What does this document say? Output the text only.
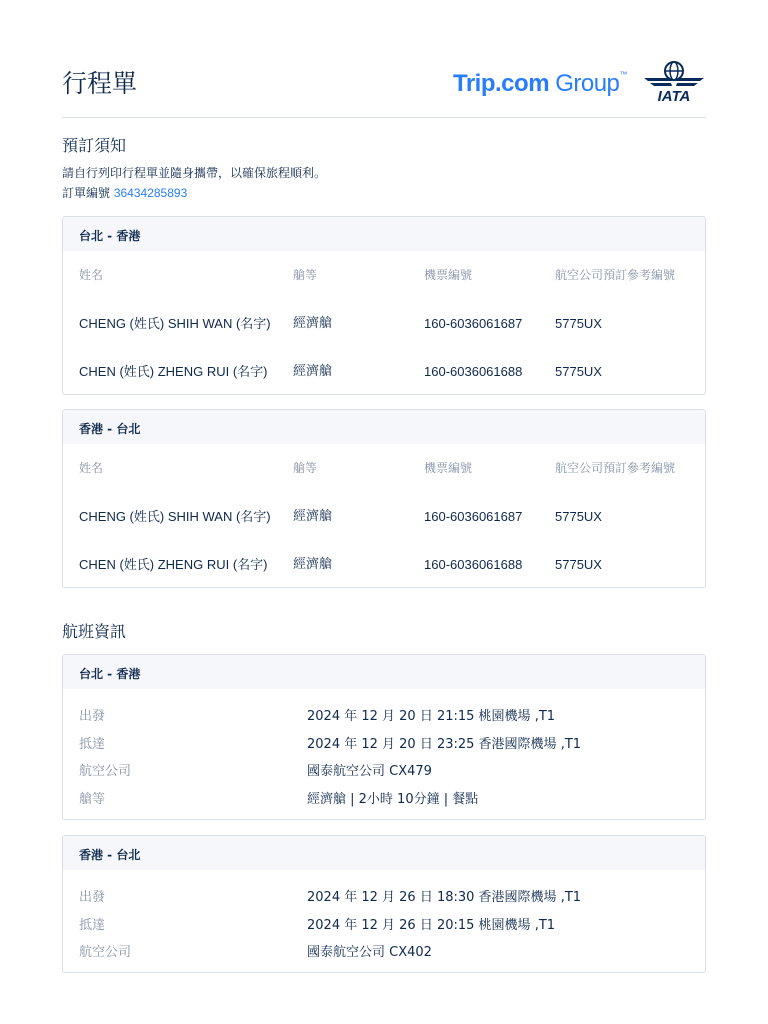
行程單	Trip.com Group™
IATA
預訂須知
請自行列印行程單並隨身攜帶，以確保旅程順利。
訂單編號 36434285893
台北 - 香港
姓名	艙等	機票編號	航空公司預訂參考編號
CHENG (姓氏) SHIH WAN (名字)	經濟艙	160-6036061687	5775UX
CHEN (姓氏) ZHENG RUI (名字)	經濟艙	160-6036061688	5775UX
香港 - 台北
姓名	艙等	機票編號	航空公司預訂參考編號
CHENG (姓氏) SHIH WAN (名字)	經濟艙	160-6036061687	5775UX
CHEN (姓氏) ZHENG RUI (名字)	經濟艙	160-6036061688	5775UX
航班資訊
台北 - 香港
出發	2024 年 12 月 20 日 21:15 桃園機場 ,T1
抵達	2024 年 12 月 20 日 23:25 香港國際機場 ,T1
航空公司	國泰航空公司 CX479
艙等	經濟艙 | 2小時 10分鐘 | 餐點
香港 - 台北
出發	2024 年 12 月 26 日 18:30 香港國際機場 ,T1
抵達	2024 年 12 月 26 日 20:15 桃園機場 ,T1
航空公司	國泰航空公司 CX402
